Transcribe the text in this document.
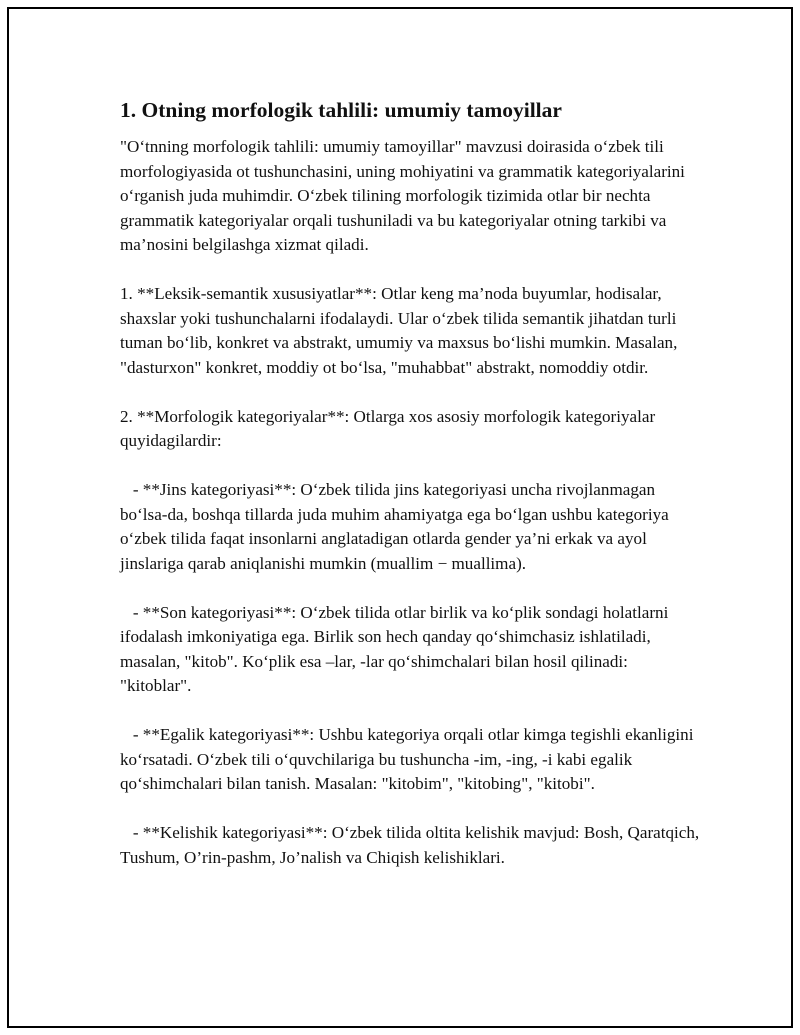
1. Otning morfologik tahlili: umumiy tamoyillar

"O‘tnning morfologik tahlili: umumiy tamoyillar" mavzusi doirasida o‘zbek tili morfologiyasida ot tushunchasini, uning mohiyatini va grammatik kategoriyalarini o‘rganish juda muhimdir. O‘zbek tilining morfologik tizimida otlar bir nechta grammatik kategoriyalar orqali tushuniladi va bu kategoriyalar otning tarkibi va ma’nosini belgilashga xizmat qiladi.

1. **Leksik-semantik xususiyatlar**: Otlar keng ma’noda buyumlar, hodisalar, shaxslar yoki tushunchalarni ifodalaydi. Ular o‘zbek tilida semantik jihatdan turli tuman bo‘lib, konkret va abstrakt, umumiy va maxsus bo‘lishi mumkin. Masalan, "dasturxon" konkret, moddiy ot bo‘lsa, "muhabbat" abstrakt, nomoddiy otdir.

2. **Morfologik kategoriyalar**: Otlarga xos asosiy morfologik kategoriyalar quyidagilardir:

- **Jins kategoriyasi**: O‘zbek tilida jins kategoriyasi uncha rivojlanmagan bo‘lsa-da, boshqa tillarda juda muhim ahamiyatga ega bo‘lgan ushbu kategoriya o‘zbek tilida faqat insonlarni anglatadigan otlarda gender ya’ni erkak va ayol jinslariga qarab aniqlanishi mumkin (muallim − muallima).

- **Son kategoriyasi**: O‘zbek tilida otlar birlik va ko‘plik sondagi holatlarni ifodalash imkoniyatiga ega. Birlik son hech qanday qo‘shimchasiz ishlatiladi, masalan, "kitob". Ko‘plik esa –lar, -lar qo‘shimchalari bilan hosil qilinadi: "kitoblar".

- **Egalik kategoriyasi**: Ushbu kategoriya orqali otlar kimga tegishli ekanligini ko‘rsatadi. O‘zbek tili o‘quvchilariga bu tushuncha -im, -ing, -i kabi egalik qo‘shimchalari bilan tanish. Masalan: "kitobim", "kitobing", "kitobi".

- **Kelishik kategoriyasi**: O‘zbek tilida oltita kelishik mavjud: Bosh, Qaratqich, Tushum, O’rin-pashm, Jo’nalish va Chiqish kelishiklari.
